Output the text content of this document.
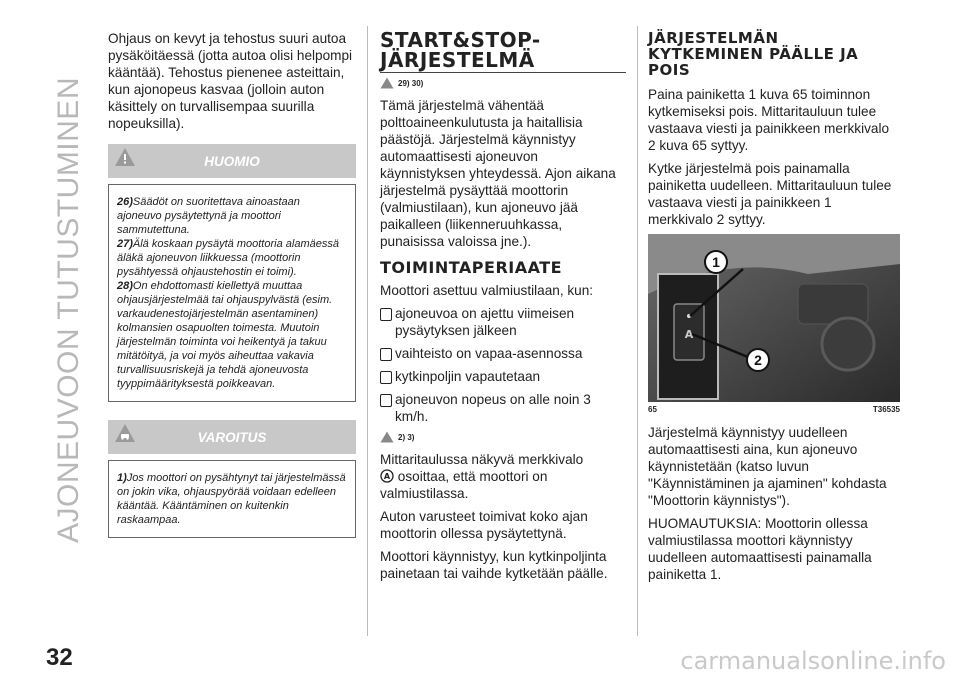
AJONEUVOON TUTUSTUMINEN
32	carmanualsonline.info

Ohjaus on kevyt ja tehostus suuri autoa pysäköitäessä (jotta autoa olisi helpompi kääntää). Tehostus pienenee asteittain, kun ajonopeus kasvaa (jolloin auton käsittely on turvallisempaa suurilla nopeuksilla).

HUOMIO
26)Säädöt on suoritettava ainoastaan ajoneuvo pysäytettynä ja moottori sammutettuna.
27)Älä koskaan pysäytä moottoria alamäessä äläkä ajoneuvon liikkuessa (moottorin pysähtyessä ohjaustehostin ei toimi).
28)On ehdottomasti kiellettyä muuttaa ohjausjärjestelmää tai ohjauspylvästä (esim. varkaudenestojärjestelmän asentaminen) kolmansien osapuolten toimesta. Muutoin järjestelmän toiminta voi heikentyä ja takuu mitätöityä, ja voi myös aiheuttaa vakavia turvallisuusriskejä ja tehdä ajoneuvosta tyyppimäärityksestä poikkeavan.
VAROITUS
1)Jos moottori on pysähtynyt tai järjestelmässä on jokin vika, ohjauspyörää voidaan edelleen kääntää. Kääntäminen on kuitenkin raskaampaa.
START&STOP-
JÄRJESTELMÄ
29) 30)

Tämä järjestelmä vähentää polttoaineenkulutusta ja haitallisia päästöjä. Järjestelmä käynnistyy automaattisesti ajoneuvon käynnistyksen yhteydessä. Ajon aikana järjestelmä pysäyttää moottorin (valmiustilaan), kun ajoneuvo jää paikalleen (liikenneruuhkassa, punaisissa valoissa jne.).

TOIMINTAPERIAATE

Moottori asettuu valmiustilaan, kun:

ajoneuvoa on ajettu viimeisen pysäytyksen jälkeen

vaihteisto on vapaa-asennossa

kytkinpoljin vapautetaan

ajoneuvon nopeus on alle noin 3 km/h.

2) 3)

Mittaritaulussa näkyvä merkkivalo

A osoittaa, että moottori on valmiustilassa.

Auton varusteet toimivat koko ajan moottorin ollessa pysäytettynä.

Moottori käynnistyy, kun kytkinpoljinta painetaan tai vaihde kytketään päälle.

JÄRJESTELMÄN
KYTKEMINEN PÄÄLLE JA
POIS

Paina painiketta 1 kuva 65 toiminnon kytkemiseksi pois. Mittaritauluun tulee vastaava viesti ja painikkeen merkkivalo 2 kuva 65 syttyy.

Kytke järjestelmä pois painamalla painiketta uudelleen. Mittaritauluun tulee vastaava viesti ja painikkeen 1 merkkivalo 2 syttyy.

A
1
2
65	T36535

Järjestelmä käynnistyy uudelleen automaattisesti aina, kun ajoneuvo käynnistetään (katso luvun "Käynnistäminen ja ajaminen" kohdasta "Moottorin käynnistys").

HUOMAUTUKSIA: Moottorin ollessa valmiustilassa moottori käynnistyy uudelleen automaattisesti painamalla painiketta 1.
